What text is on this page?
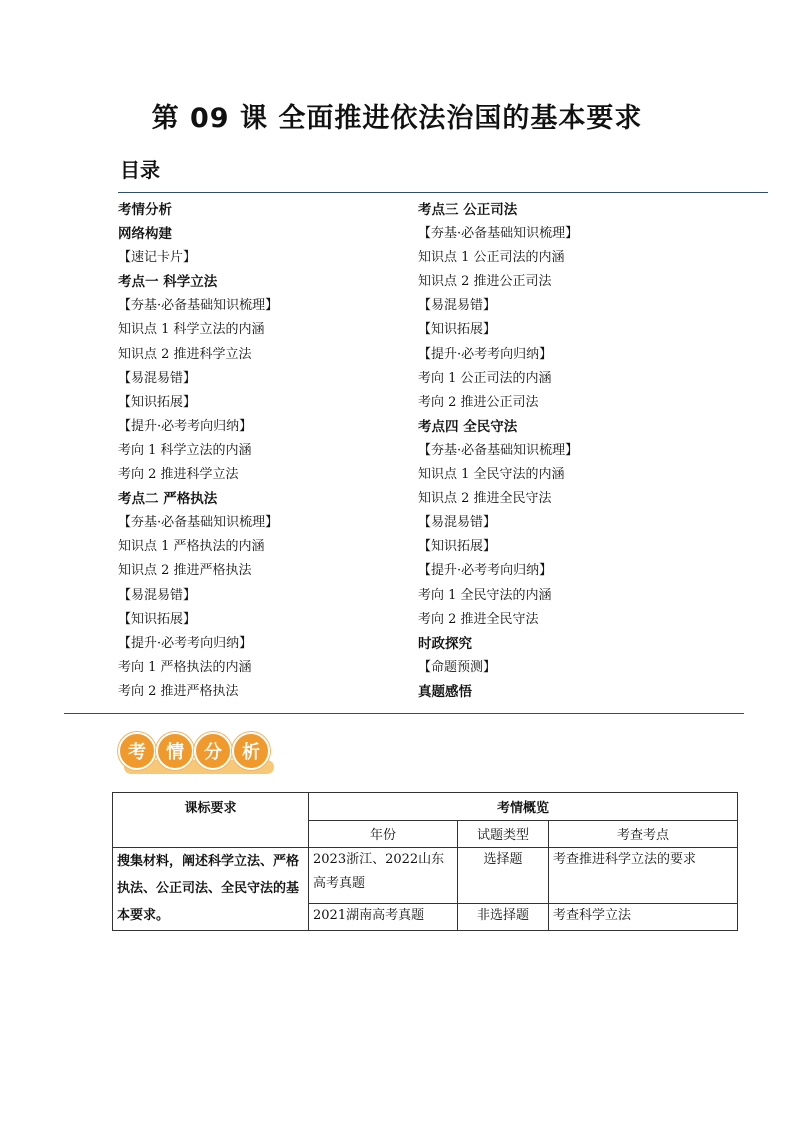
第 09 课 全面推进依法治国的基本要求
目录
考情分析
网络构建
【速记卡片】
考点一 科学立法
【夯基·必备基础知识梳理】
知识点 1 科学立法的内涵
知识点 2 推进科学立法
【易混易错】
【知识拓展】
【提升·必考考向归纳】
考向 1 科学立法的内涵
考向 2 推进科学立法
考点二 严格执法
【夯基·必备基础知识梳理】
知识点 1 严格执法的内涵
知识点 2 推进严格执法
【易混易错】
【知识拓展】
【提升·必考考向归纳】
考向 1 严格执法的内涵
考向 2 推进严格执法
考点三 公正司法
【夯基·必备基础知识梳理】
知识点 1 公正司法的内涵
知识点 2 推进公正司法
【易混易错】
【知识拓展】
【提升·必考考向归纳】
考向 1 公正司法的内涵
考向 2 推进公正司法
考点四 全民守法
【夯基·必备基础知识梳理】
知识点 1 全民守法的内涵
知识点 2 推进全民守法
【易混易错】
【知识拓展】
【提升·必考考向归纳】
考向 1 全民守法的内涵
考向 2 推进全民守法
时政探究
【命题预测】
真题感悟
考	情	分	析
课标要求	考情概览		
	年份	试题类型	考查考点
搜集材料，阐述科学立法、严格执法、公正司法、全民守法的基本要求。	2023浙江、2022山东高考真题	选择题	考查推进科学立法的要求
	2021湖南高考真题	非选择题	考查科学立法
